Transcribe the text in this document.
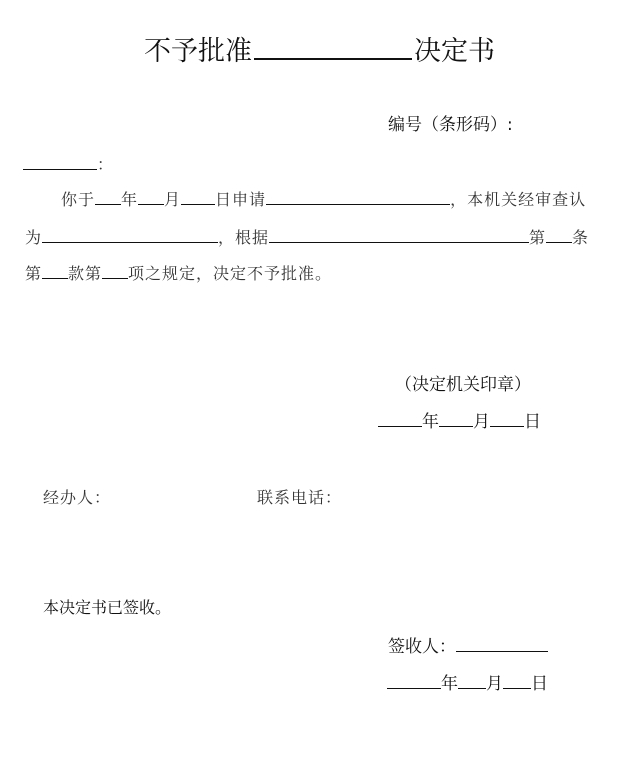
不予批准	决定书
编号（条形码）:
：
你于 年 月 日申请	，本机关经审查认
为	，根据	第 条
第 款第 项之规定，决定不予批准。
（决定机关印章）
年 月 日
经办人：	联系电话：
本决定书已签收。
签收人：
年 月 日
